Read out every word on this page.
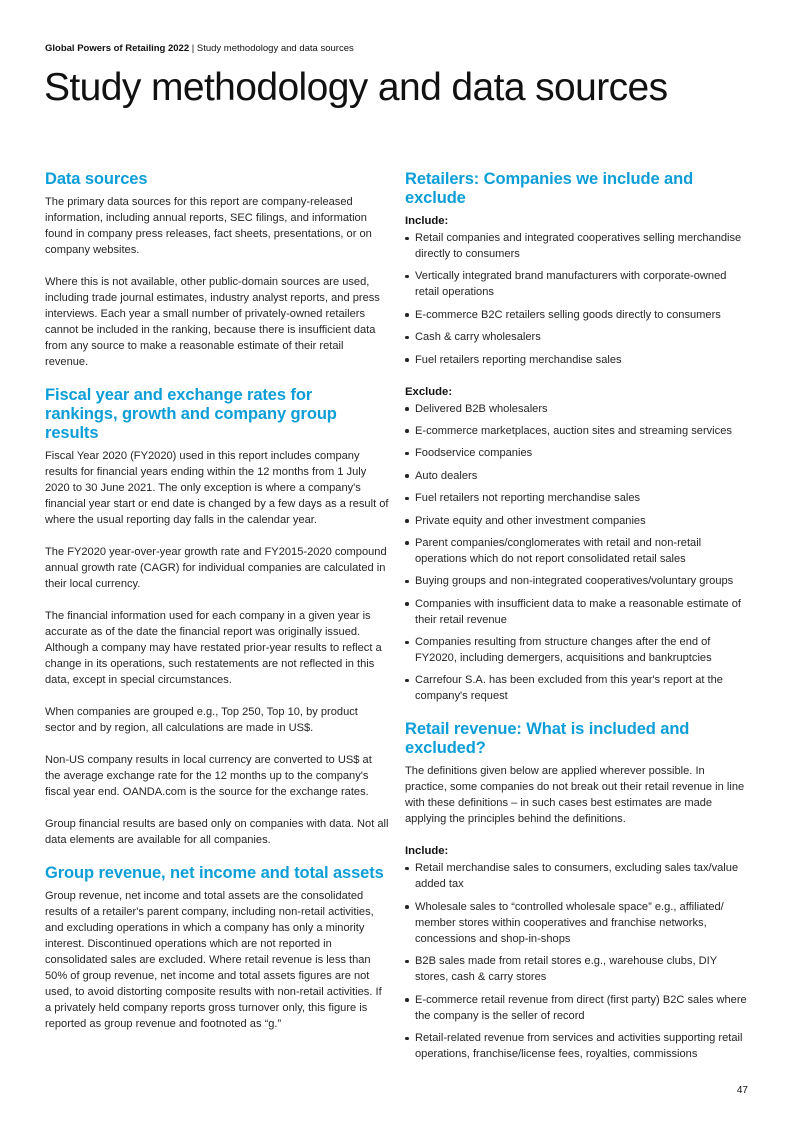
Global Powers of Retailing 2022 | Study methodology and data sources
Study methodology and data sources
Data sources

The primary data sources for this report are company-released information, including annual reports, SEC filings, and information found in company press releases, fact sheets, presentations, or on company websites.

Where this is not available, other public-domain sources are used, including trade journal estimates, industry analyst reports, and press interviews. Each year a small number of privately-owned retailers cannot be included in the ranking, because there is insufficient data from any source to make a reasonable estimate of their retail revenue.

Fiscal year and exchange rates for rankings, growth and company group results

Fiscal Year 2020 (FY2020) used in this report includes company results for financial years ending within the 12 months from 1 July 2020 to 30 June 2021. The only exception is where a company's financial year start or end date is changed by a few days as a result of where the usual reporting day falls in the calendar year.

The FY2020 year-over-year growth rate and FY2015-2020 compound annual growth rate (CAGR) for individual companies are calculated in their local currency.

The financial information used for each company in a given year is accurate as of the date the financial report was originally issued. Although a company may have restated prior-year results to reflect a change in its operations, such restatements are not reflected in this data, except in special circumstances.

When companies are grouped e.g., Top 250, Top 10, by product sector and by region, all calculations are made in US$.

Non-US company results in local currency are converted to US$ at the average exchange rate for the 12 months up to the company's fiscal year end. OANDA.com is the source for the exchange rates.

Group financial results are based only on companies with data. Not all data elements are available for all companies.

Group revenue, net income and total assets

Group revenue, net income and total assets are the consolidated results of a retailer's parent company, including non-retail activities, and excluding operations in which a company has only a minority interest. Discontinued operations which are not reported in consolidated sales are excluded. Where retail revenue is less than 50% of group revenue, net income and total assets figures are not used, to avoid distorting composite results with non-retail activities. If a privately held company reports gross turnover only, this figure is reported as group revenue and footnoted as “g.”

Retailers: Companies we include and exclude
Include:
Retail companies and integrated cooperatives selling merchandise directly to consumers
Vertically integrated brand manufacturers with corporate-owned retail operations
E-commerce B2C retailers selling goods directly to consumers
Cash & carry wholesalers
Fuel retailers reporting merchandise sales
Exclude:
Delivered B2B wholesalers
E-commerce marketplaces, auction sites and streaming services
Foodservice companies
Auto dealers
Fuel retailers not reporting merchandise sales
Private equity and other investment companies
Parent companies/conglomerates with retail and non-retail operations which do not report consolidated retail sales
Buying groups and non-integrated cooperatives/voluntary groups
Companies with insufficient data to make a reasonable estimate of their retail revenue
Companies resulting from structure changes after the end of FY2020, including demergers, acquisitions and bankruptcies
Carrefour S.A. has been excluded from this year's report at the company's request
Retail revenue: What is included and excluded?

The definitions given below are applied wherever possible. In practice, some companies do not break out their retail revenue in line with these definitions – in such cases best estimates are made applying the principles behind the definitions.

Include:
Retail merchandise sales to consumers, excluding sales tax/value added tax
Wholesale sales to “controlled wholesale space” e.g., affiliated/ member stores within cooperatives and franchise networks, concessions and shop-in-shops
B2B sales made from retail stores e.g., warehouse clubs, DIY stores, cash & carry stores
E-commerce retail revenue from direct (first party) B2C sales where the company is the seller of record
Retail-related revenue from services and activities supporting retail operations, franchise/license fees, royalties, commissions
47
